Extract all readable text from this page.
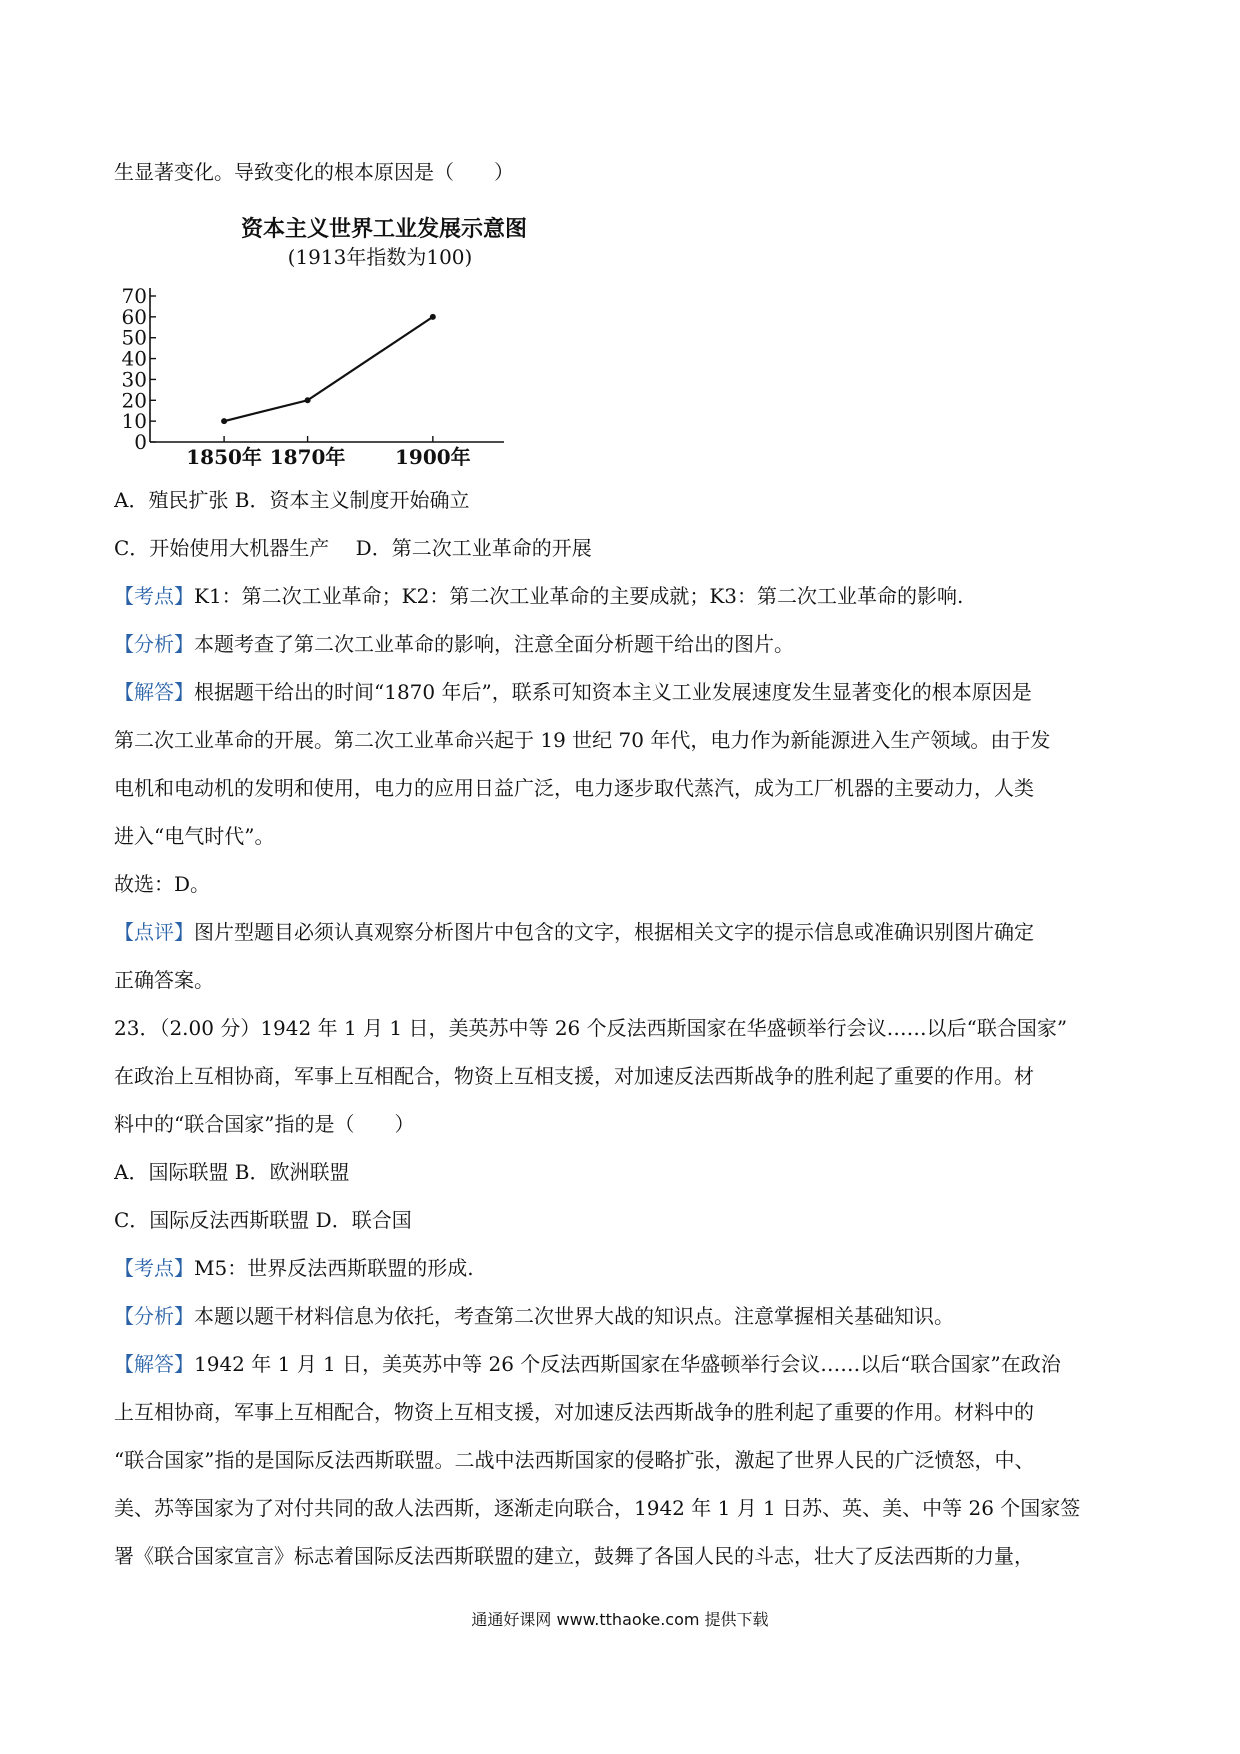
生显著变化。导致变化的根本原因是（　　）
资本主义世界工业发展示意图
(1913年指数为100)
0
10
20
30
40
50
60
70
1850年 1870年 1900年
A．殖民扩张 B．资本主义制度开始确立
C．开始使用大机器生产　 D．第二次工业革命的开展
【考点】K1：第二次工业革命；K2：第二次工业革命的主要成就；K3：第二次工业革命的影响.
【分析】本题考查了第二次工业革命的影响，注意全面分析题干给出的图片。
【解答】根据题干给出的时间“1870 年后”，联系可知资本主义工业发展速度发生显著变化的根本原因是
第二次工业革命的开展。第二次工业革命兴起于 19 世纪 70 年代，电力作为新能源进入生产领域。由于发
电机和电动机的发明和使用，电力的应用日益广泛，电力逐步取代蒸汽，成为工厂机器的主要动力，人类
进入“电气时代”。
故选：D。
【点评】图片型题目必须认真观察分析图片中包含的文字，根据相关文字的提示信息或准确识别图片确定
正确答案。
23．（2.00 分）1942 年 1 月 1 日，美英苏中等 26 个反法西斯国家在华盛顿举行会议……以后“联合国家”
在政治上互相协商，军事上互相配合，物资上互相支援，对加速反法西斯战争的胜利起了重要的作用。材
料中的“联合国家”指的是（　　）
A．国际联盟 B．欧洲联盟
C．国际反法西斯联盟 D．联合国
【考点】M5：世界反法西斯联盟的形成.
【分析】本题以题干材料信息为依托，考查第二次世界大战的知识点。注意掌握相关基础知识。
【解答】1942 年 1 月 1 日，美英苏中等 26 个反法西斯国家在华盛顿举行会议……以后“联合国家”在政治
上互相协商，军事上互相配合，物资上互相支援，对加速反法西斯战争的胜利起了重要的作用。材料中的
“联合国家”指的是国际反法西斯联盟。二战中法西斯国家的侵略扩张，激起了世界人民的广泛愤怒，中、
美、苏等国家为了对付共同的敌人法西斯，逐渐走向联合，1942 年 1 月 1 日苏、英、美、中等 26 个国家签
署《联合国家宣言》标志着国际反法西斯联盟的建立，鼓舞了各国人民的斗志，壮大了反法西斯的力量，
通通好课网 www.tthaoke.com 提供下载
